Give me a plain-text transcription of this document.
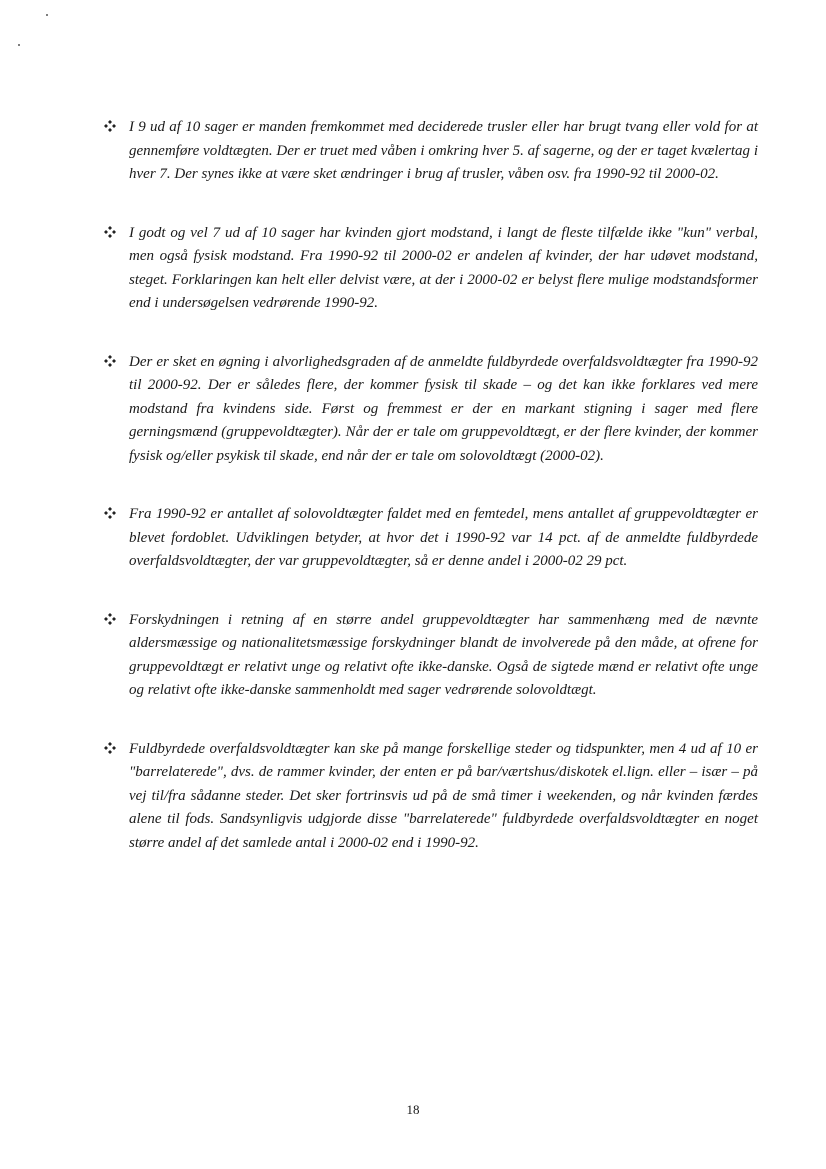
I 9 ud af 10 sager er manden fremkommet med deciderede trusler eller har brugt tvang eller vold for at gennemføre voldtægten. Der er truet med våben i omkring hver 5. af sagerne, og der er taget kvælertag i hver 7. Der synes ikke at være sket ændringer i brug af trusler, våben osv. fra 1990-92 til 2000-02.
I godt og vel 7 ud af 10 sager har kvinden gjort modstand, i langt de fleste tilfælde ikke "kun" verbal, men også fysisk modstand. Fra 1990-92 til 2000-02 er andelen af kvinder, der har udøvet modstand, steget. Forklaringen kan helt eller delvist være, at der i 2000-02 er belyst flere mulige modstandsformer end i undersøgelsen vedrørende 1990-92.
Der er sket en øgning i alvorlighedsgraden af de anmeldte fuldbyrdede overfaldsvoldtægter fra 1990-92 til 2000-92. Der er således flere, der kommer fysisk til skade – og det kan ikke forklares ved mere modstand fra kvindens side. Først og fremmest er der en markant stigning i sager med flere gerningsmænd (gruppevoldtægter). Når der er tale om gruppevoldtægt, er der flere kvinder, der kommer fysisk og/eller psykisk til skade, end når der er tale om solovoldtægt (2000-02).
Fra 1990-92 er antallet af solovoldtægter faldet med en femtedel, mens antallet af gruppevoldtægter er blevet fordoblet. Udviklingen betyder, at hvor det i 1990-92 var 14 pct. af de anmeldte fuldbyrdede overfaldsvoldtægter, der var gruppevoldtægter, så er denne andel i 2000-02 29 pct.
Forskydningen i retning af en større andel gruppevoldtægter har sammenhæng med de nævnte aldersmæssige og nationalitetsmæssige forskydninger blandt de involverede på den måde, at ofrene for gruppevoldtægt er relativt unge og relativt ofte ikke-danske. Også de sigtede mænd er relativt ofte unge og relativt ofte ikke-danske sammenholdt med sager vedrørende solovoldtægt.
Fuldbyrdede overfaldsvoldtægter kan ske på mange forskellige steder og tidspunkter, men 4 ud af 10 er "barrelaterede", dvs. de rammer kvinder, der enten er på bar/værtshus/diskotek el.lign. eller – især – på vej til/fra sådanne steder. Det sker fortrinsvis ud på de små timer i weekenden, og når kvinden færdes alene til fods. Sandsynligvis udgjorde disse "barrelaterede" fuldbyrdede overfaldsvoldtægter en noget større andel af det samlede antal i 2000-02 end i 1990-92.
18
